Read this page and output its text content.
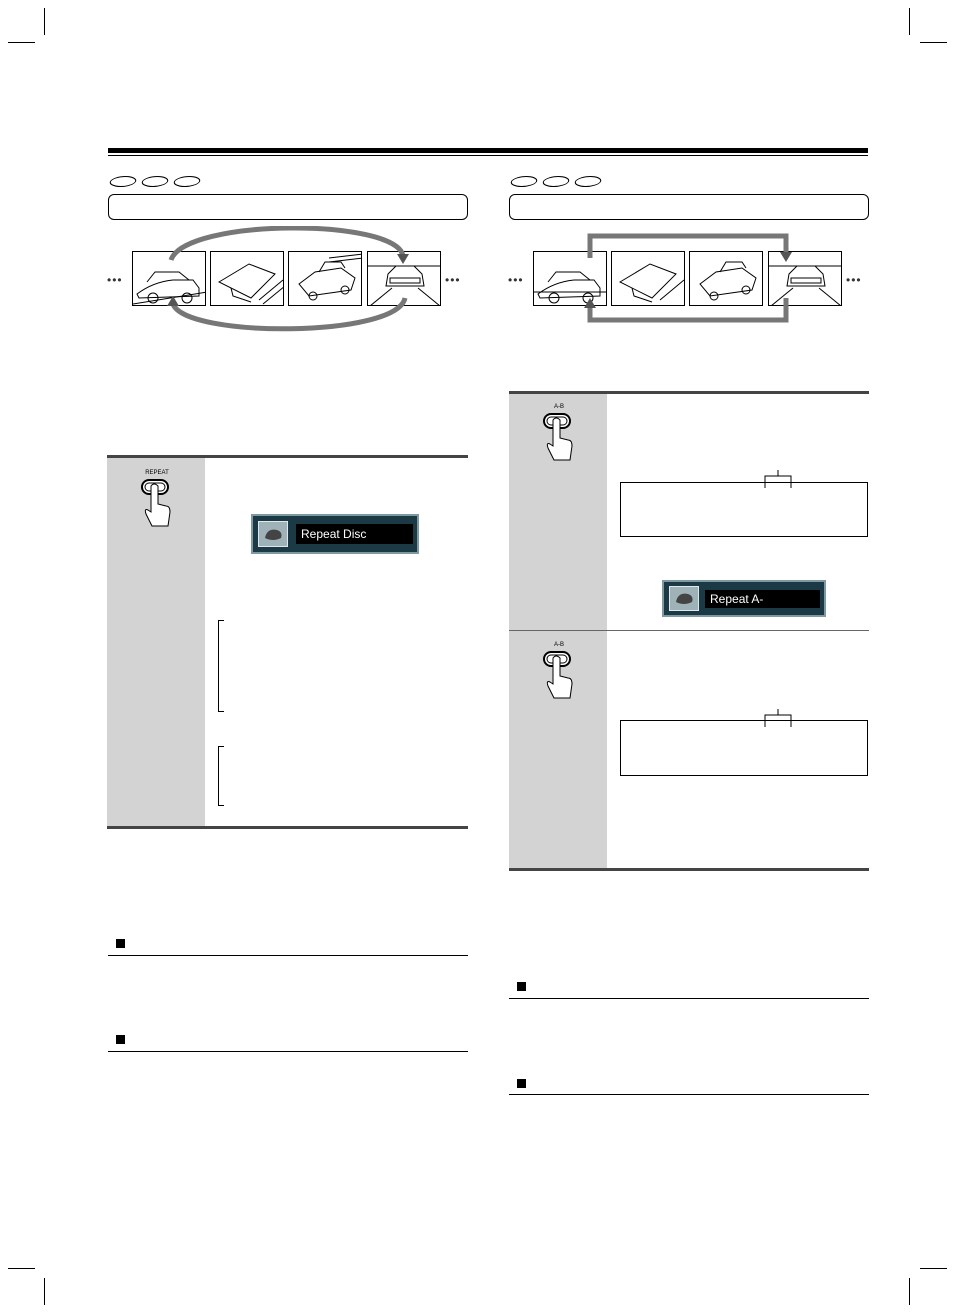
•••	•••
REPEAT
Repeat Disc
•••	•••
A-B
A-B
Repeat A-
